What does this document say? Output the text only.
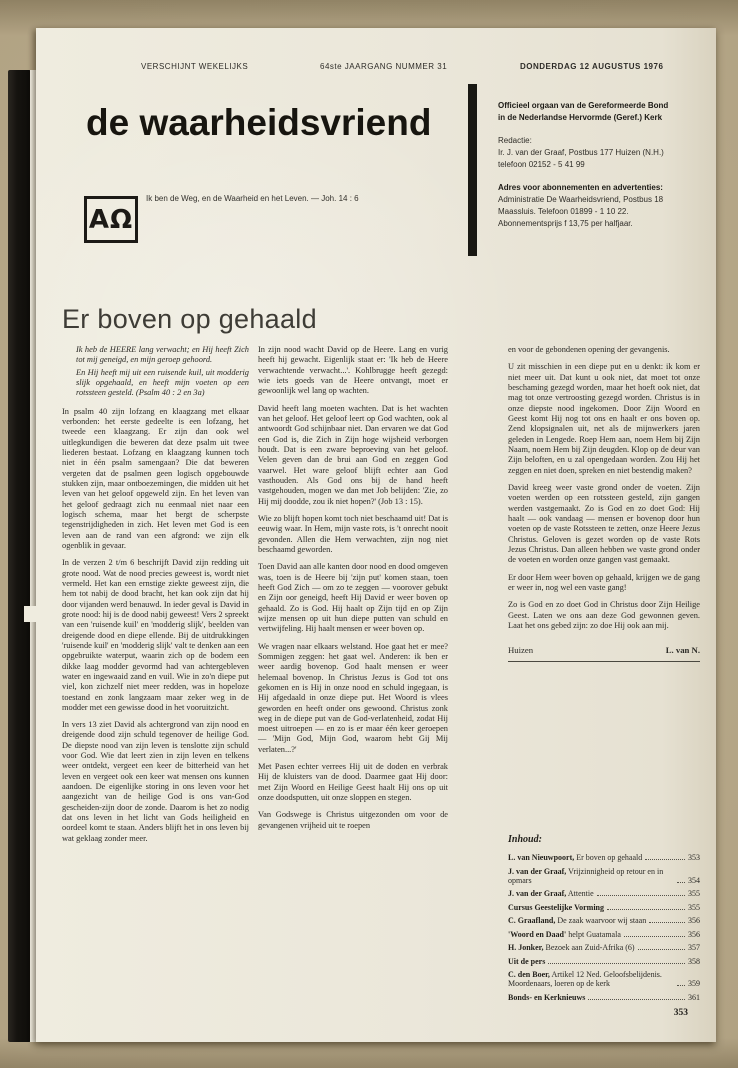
VERSCHIJNT WEKELIJKS	64ste JAARGANG NUMMER 31	DONDERDAG 12 AUGUSTUS 1976
de waarheidsvriend
Ik ben de Weg, en de Waarheid en het Leven. — Joh. 14 : 6
ΑΩ
Officieel orgaan van de Gereformeerde Bond
in de Nederlandse Hervormde (Geref.) Kerk
Redactie:
Ir. J. van der Graaf, Postbus 177 Huizen (N.H.)
telefoon 02152 - 5 41 99
Adres voor abonnementen en advertenties:
Administratie De Waarheidsvriend, Postbus 18
Maassluis. Telefoon 01899 - 1 10 22.
Abonnementsprijs f 13,75 per halfjaar.
Er boven op gehaald

Ik heb de HEERE lang verwacht; en Hij heeft Zich tot mij geneigd, en mijn geroep gehoord.

En Hij heeft mij uit een ruisende kuil, uit modderig slijk opgehaald, en heeft mijn voeten op een rotssteen gesteld. (Psalm 40 : 2 en 3a)

In psalm 40 zijn lofzang en klaagzang met elkaar verbonden: het eerste gedeelte is een lofzang, het tweede een klaagzang. Er zijn dan ook wel uitlegkundigen die beweren dat deze psalm uit twee liederen bestaat. Lofzang en klaagzang kunnen toch niet in één psalm samengaan? Die dat beweren vergeten dat de psalmen geen logisch opgebouwde stukken zijn, maar ontboezemingen, die midden uit het leven van het geloof opgeweld zijn. En het leven van het geloof gedraagt zich nu eenmaal niet naar een logisch schema, maar het bergt de scherpste tegenstrijdigheden in zich. Het leven met God is een leven aan de rand van een afgrond: we zijn elk ogenblik in gevaar.

In de verzen 2 t/m 6 beschrijft David zijn redding uit grote nood. Wat de nood precies geweest is, wordt niet vermeld. Het kan een ernstige ziekte geweest zijn, die hem tot nabij de dood bracht, het kan ook zijn dat hij door vijanden werd benauwd. In ieder geval is David in grote nood: hij is de dood nabij geweest! Vers 2 spreekt van een 'ruisende kuil' en 'modderig slijk', beelden van dreigende dood en diepe ellende. Bij de uitdrukkingen 'ruisende kuil' en 'modderig slijk' valt te denken aan een opgebruikte waterput, waarin zich op de bodem een dikke laag modder gevormd had van achtergebleven water en ingewaaid zand en vuil. Wie in zo'n diepe put viel, kon zichzelf niet meer redden, was in hopeloze toestand en zonk langzaam maar zeker weg in de modder met een gewisse dood in het vooruitzicht.

In vers 13 ziet David als achtergrond van zijn nood en dreigende dood zijn schuld tegenover de heilige God. De diepste nood van zijn leven is tenslotte zijn schuld voor God. Wie dat leert zien in zijn leven en telkens weer ontdekt, vergeet een keer de bitterheid van het leven en vergeet ook een keer wat mensen ons kunnen aandoen. De eigenlijke storing in ons leven voor het aangezicht van de heilige God is ons van-God gescheiden-zijn door de zonde. Daarom is het zo nodig dat ons leven in het licht van Gods heiligheid en oordeel komt te staan. Anders blijft het in ons leven bij wat geklaag zonder meer.

In zijn nood wacht David op de Heere. Lang en vurig heeft hij gewacht. Eigenlijk staat er: 'Ik heb de Heere verwachtende verwacht...'. Kohlbrugge heeft gezegd: wie iets goeds van de Heere ontvangt, moet er gewoonlijk wel lang op wachten.

David heeft lang moeten wachten. Dat is het wachten van het geloof. Het geloof leert op God wachten, ook al antwoordt God schijnbaar niet. Dan ervaren we dat God een God is, die Zich in Zijn hoge wijsheid verborgen houdt. Dat is een zware beproeving van het geloof. Velen geven dan de brui aan God en zeggen God vaarwel. Het ware geloof blijft echter aan God vasthouden. Als God ons bij de hand heeft vastgehouden, mogen we dan met Job belijden: 'Zie, zo Hij mij doodde, zou ik niet hopen?' (Job 13 : 15).

Wie zo blijft hopen komt toch niet beschaamd uit! Dat is eeuwig waar. In Hem, mijn vaste rots, is 't onrecht nooit gevonden. Allen die Hem verwachten, zijn nog niet beschaamd geworden.

Toen David aan alle kanten door nood en dood omgeven was, toen is de Heere bij 'zijn put' komen staan, toen heeft God Zich — om zo te zeggen — voorover gebukt en Zijn oor geneigd, heeft Hij David er weer boven op gehaald. Zo is God. Hij haalt op Zijn tijd en op Zijn wijze mensen op uit hun diepe putten van schuld en vertwijfeling. Hij haalt mensen er weer boven op.

We vragen naar elkaars welstand. Hoe gaat het er mee? Sommigen zeggen: het gaat wel. Anderen: ik ben er weer aardig bovenop. God haalt mensen er weer helemaal bovenop. In Christus Jezus is God tot ons gekomen en is Hij in onze nood en schuld ingegaan, is Hij afgedaald in onze diepe put. Het Woord is vlees geworden en heeft onder ons gewoond. Christus zonk weg in de diepe put van de God-verlatenheid, zodat Hij moest uitroepen — en zo is er maar één keer geroepen — 'Mijn God, Mijn God, waarom hebt Gij Mij verlaten...?'

Met Pasen echter verrees Hij uit de doden en verbrak Hij de kluisters van de dood. Daarmee gaat Hij door: met Zijn Woord en Heilige Geest haalt Hij ons op uit onze doodsputten, uit onze sloppen en stegen.

Van Godswege is Christus uitgezonden om voor de gevangenen vrijheid uit te roepen

en voor de gebondenen opening der gevangenis.

U zit misschien in een diepe put en u denkt: ik kom er niet meer uit. Dat kunt u ook niet, dat moet tot onze beschaming gezegd worden, maar het hoeft ook niet, dat mag tot onze vertroosting gezegd worden. Christus is in onze diepste nood ingekomen. Door Zijn Woord en Geest komt Hij nog tot ons en haalt er ons boven op. Zend klopsignalen uit, net als de mijnwerkers jaren geleden in Lengede. Roep Hem aan, noem Hem bij Zijn Naam, noem Hem bij Zijn deugden. Klop op de deur van Zijn beloften, en u zal opengedaan worden. Zou Hij het zeggen en niet doen, spreken en niet bestendig maken?

David kreeg weer vaste grond onder de voeten. Zijn voeten werden op een rotssteen gesteld, zijn gangen werden vastgemaakt. Zo is God en zo doet God: Hij haalt — ook vandaag — mensen er bovenop door hun voeten op de vaste Rotssteen te zetten, onze Heere Jezus Christus. Geloven is gezet worden op de vaste Rots Jezus Christus. Dan alleen hebben we vaste grond onder de voeten en worden onze gangen vast gemaakt.

Er door Hem weer boven op gehaald, krijgen we de gang er weer in, nog wel een vaste gang!

Zo is God en zo doet God in Christus door Zijn Heilige Geest. Laten we ons aan deze God gewonnen geven. Laat het ons gebed zijn: zo doe Hij ook aan mij.

Huizen	L. van N.
Inhoud:
L. van Nieuwpoort, Er boven op gehaald	353
J. van der Graaf, Vrijzinnigheid op retour en in opmars	354
J. van der Graaf, Attentie	355
Cursus Geestelijke Vorming	355
C. Graafland, De zaak waarvoor wij staan	356
'Woord en Daad' helpt Guatamala	356
H. Jonker, Bezoek aan Zuid-Afrika (6)	357
Uit de pers	358
C. den Boer, Artikel 12 Ned. Geloofsbelijdenis. Moordenaars, loeren op de kerk	359
Bonds- en Kerknieuws	361
353
